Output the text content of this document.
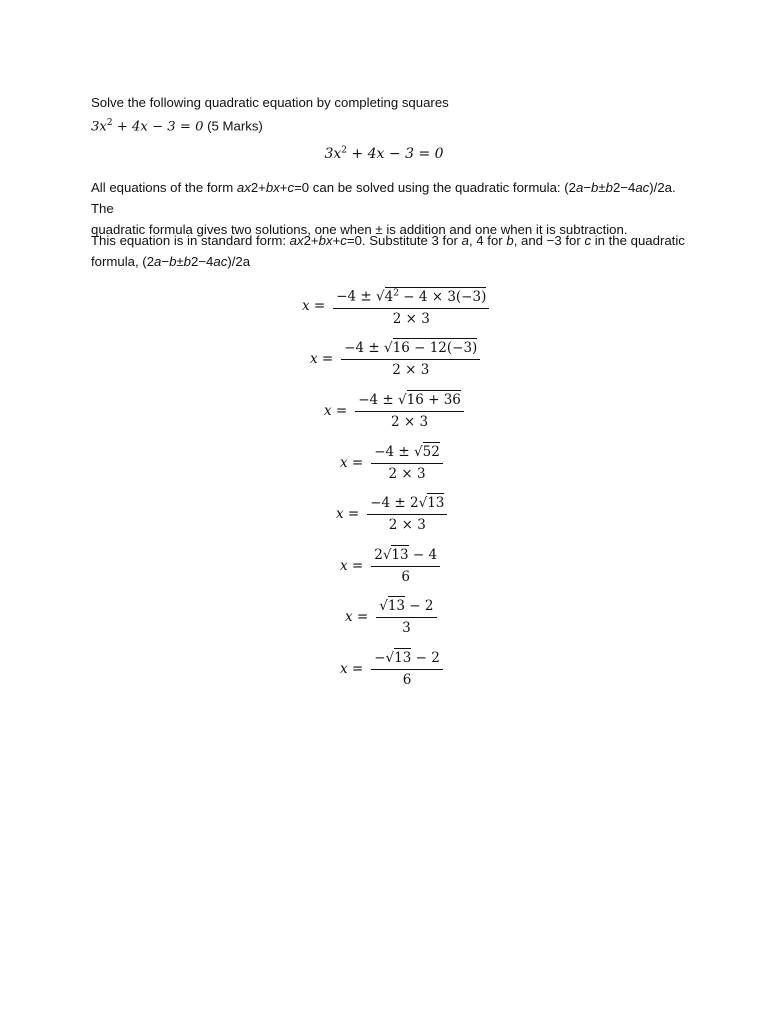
Solve the following quadratic equation by completing squares
$3x^2 + 4x - 3 = 0$ (5 Marks)
$3x^2 + 4x - 3 = 0$
All equations of the form ax2+bx+c=0 can be solved using the quadratic formula: (2a−b±b2−4ac)/2a. The
quadratic formula gives two solutions, one when ± is addition and one when it is subtraction.
This equation is in standard form: ax2+bx+c=0. Substitute 3 for a, 4 for b, and −3 for c in the quadratic
formula, (2a−b±b2−4ac)/2a
$x = \frac{-4 \pm √4^2 - 4 \times 3(-3)}{2 \times 3}$
$x = \frac{-4 \pm √16 - 12(-3)}{2 \times 3}$
$x = \frac{-4 \pm √16 + 36}{2 \times 3}$
$x = \frac{-4 \pm √52}{2 \times 3}$
$x = \frac{-4 \pm 2√13}{2 \times 3}$
$x = \frac{2√13 - 4}{6}$
$x = \frac{√13 - 2}{3}$
$x = \frac{-√13 - 2}{6}$
